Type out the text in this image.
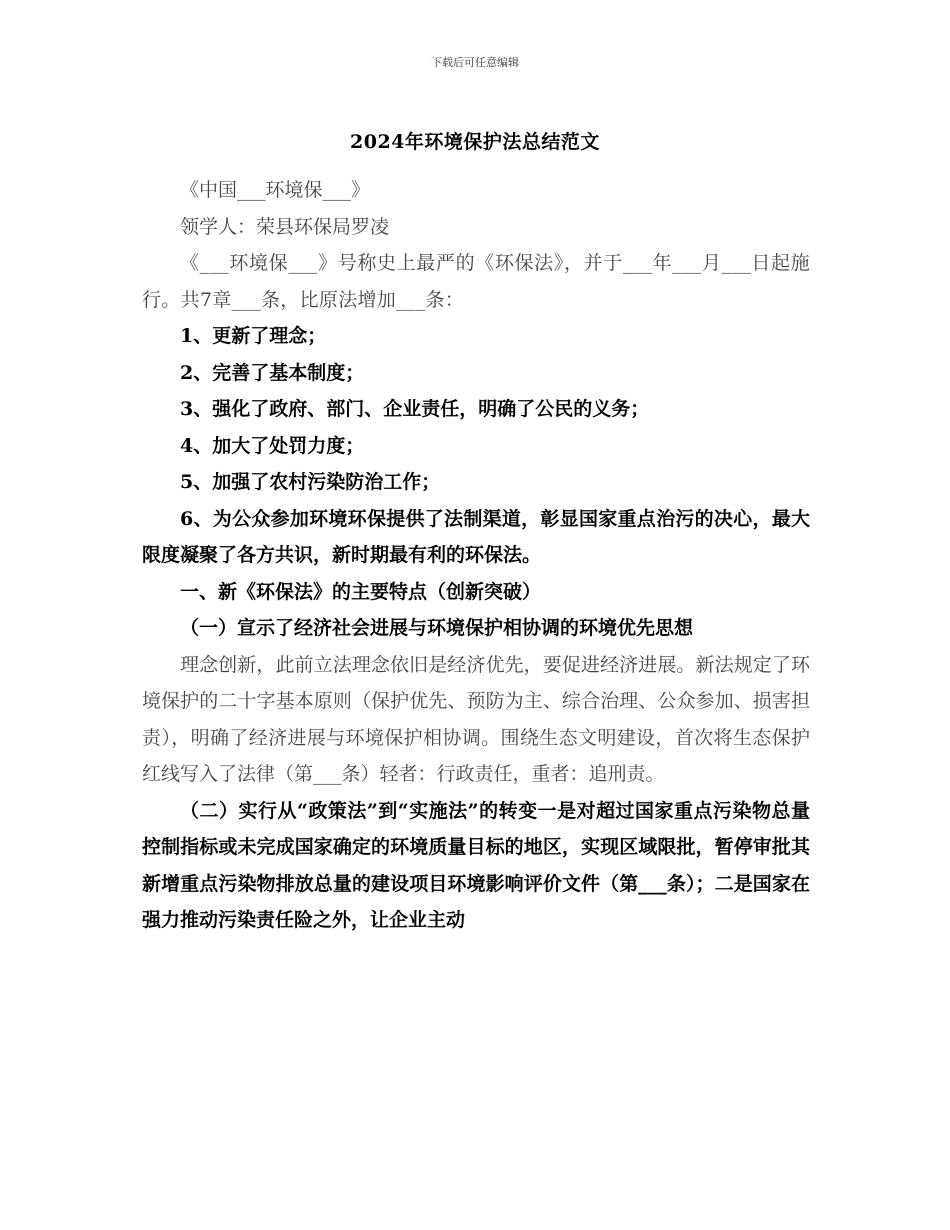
下载后可任意编辑
2024年环境保护法总结范文

《中国___环境保___》

领学人：荣县环保局罗凌

《___环境保___》号称史上最严的《环保法》，并于___年___月___日起施行。共7章___条，比原法增加___条：

1、更新了理念；

2、完善了基本制度；

3、强化了政府、部门、企业责任，明确了公民的义务；

4、加大了处罚力度；

5、加强了农村污染防治工作；

6、为公众参加环境环保提供了法制渠道，彰显国家重点治污的决心，最大限度凝聚了各方共识，新时期最有利的环保法。

一、新《环保法》的主要特点（创新突破）

（一）宣示了经济社会进展与环境保护相协调的环境优先思想

理念创新，此前立法理念依旧是经济优先，要促进经济进展。新法规定了环境保护的二十字基本原则（保护优先、预防为主、综合治理、公众参加、损害担责），明确了经济进展与环境保护相协调。围绕生态文明建设，首次将生态保护红线写入了法律（第___条）轻者：行政责任，重者：追刑责。

（二）实行从“政策法”到“实施法”的转变一是对超过国家重点污染物总量控制指标或未完成国家确定的环境质量目标的地区，实现区域限批，暂停审批其新增重点污染物排放总量的建设项目环境影响评价文件（第___条）；二是国家在强力推动污染责任险之外，让企业主动
